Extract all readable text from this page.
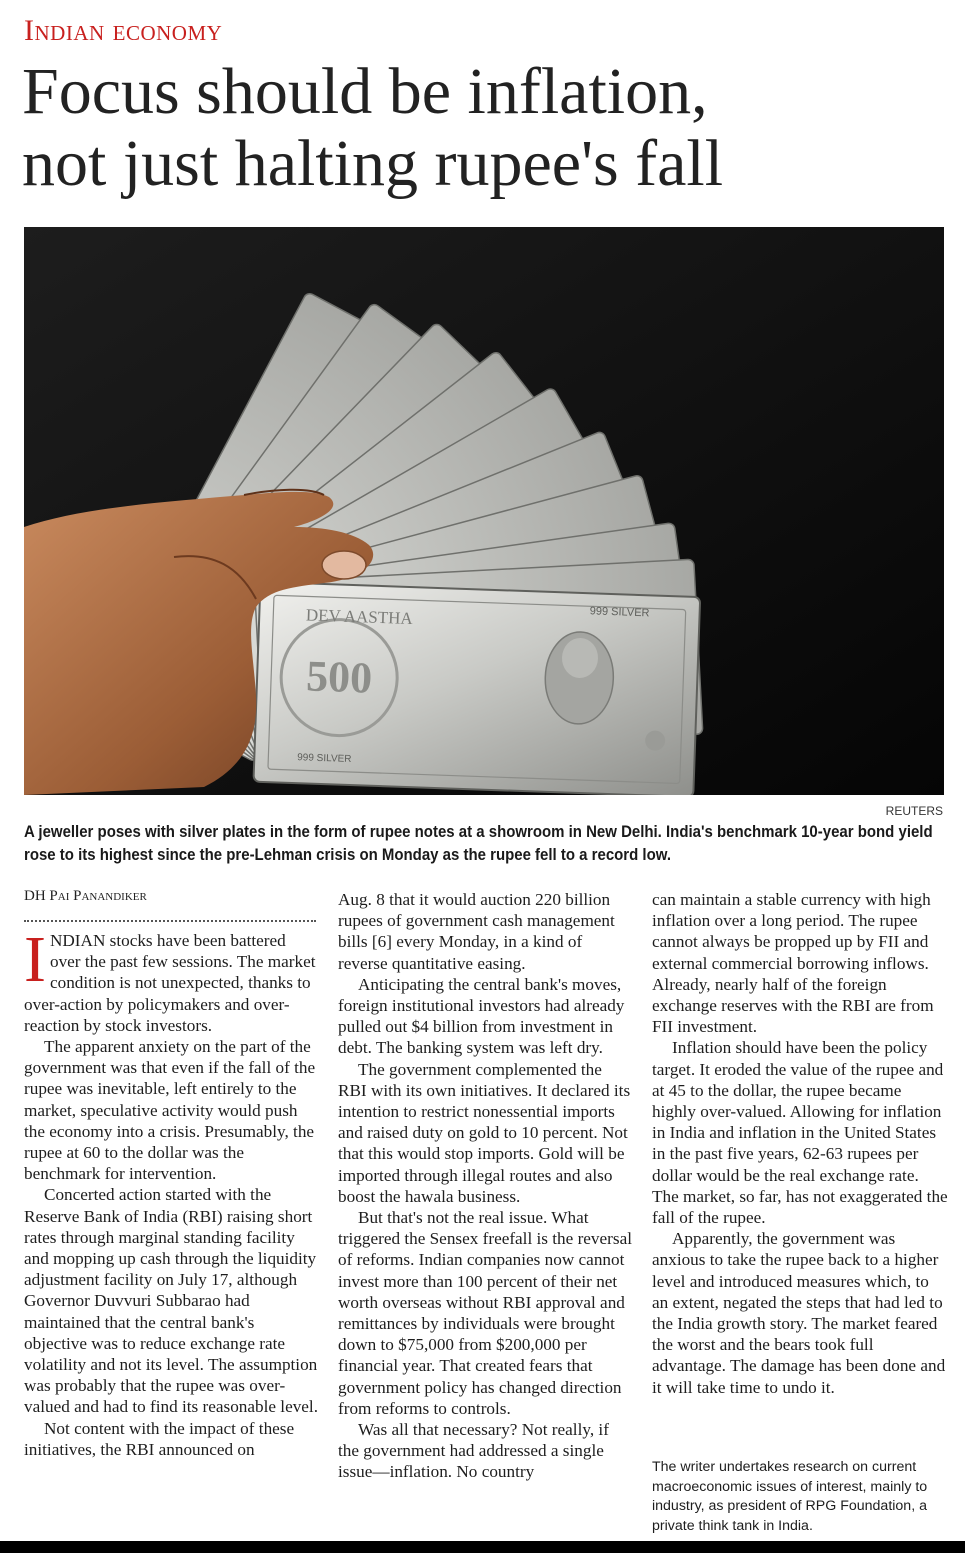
Indian economy
Focus should be inflation,
not just halting rupee's fall
500
DEV AASTHA	999 SILVER
999 SILVER
REUTERS
A jeweller poses with silver plates in the form of rupee notes at a showroom in New Delhi. India's benchmark 10-year bond yield rose to its highest since the pre-Lehman crisis on Monday as the rupee fell to a record low.
DH Pai Panandiker

INDIAN stocks have been battered over the past few sessions. The market condition is not unexpected, thanks to over-action by policymakers and over-reaction by stock investors.

The apparent anxiety on the part of the government was that even if the fall of the rupee was inevitable, left entirely to the market, speculative activity would push the economy into a crisis. Presumably, the rupee at 60 to the dollar was the benchmark for intervention.

Concerted action started with the Reserve Bank of India (RBI) raising short rates through marginal standing facility and mopping up cash through the liquidity adjustment facility on July 17, although Governor Duvvuri Subbarao had maintained that the central bank's objective was to reduce exchange rate volatility and not its level. The assumption was probably that the rupee was over-valued and had to find its reasonable level.

Not content with the impact of these initiatives, the RBI announced on

Aug. 8 that it would auction 220 billion rupees of government cash management bills [6] every Monday, in a kind of reverse quantitative easing.

Anticipating the central bank's moves, foreign institutional investors had already pulled out $4 billion from investment in debt. The banking system was left dry.

The government complemented the RBI with its own initiatives. It declared its intention to restrict nonessential imports and raised duty on gold to 10 percent. Not that this would stop imports. Gold will be imported through illegal routes and also boost the hawala business.

But that's not the real issue. What triggered the Sensex freefall is the reversal of reforms. Indian companies now cannot invest more than 100 percent of their net worth overseas without RBI approval and remittances by individuals were brought down to $75,000 from $200,000 per financial year. That created fears that government policy has changed direction from reforms to controls.

Was all that necessary? Not really, if the government had addressed a single issue—inflation. No country

can maintain a stable currency with high inflation over a long period. The rupee cannot always be propped up by FII and external commercial borrowing inflows. Already, nearly half of the foreign exchange reserves with the RBI are from FII investment.

Inflation should have been the policy target. It eroded the value of the rupee and at 45 to the dollar, the rupee became highly over-valued. Allowing for inflation in India and inflation in the United States in the past five years, 62-63 rupees per dollar would be the real exchange rate. The market, so far, has not exaggerated the fall of the rupee.

Apparently, the government was anxious to take the rupee back to a higher level and introduced measures which, to an extent, negated the steps that had led to the India growth story. The market feared the worst and the bears took full advantage. The damage has been done and it will take time to undo it.

The writer undertakes research on current macroeconomic issues of interest, mainly to industry, as president of RPG Foundation, a private think tank in India.
